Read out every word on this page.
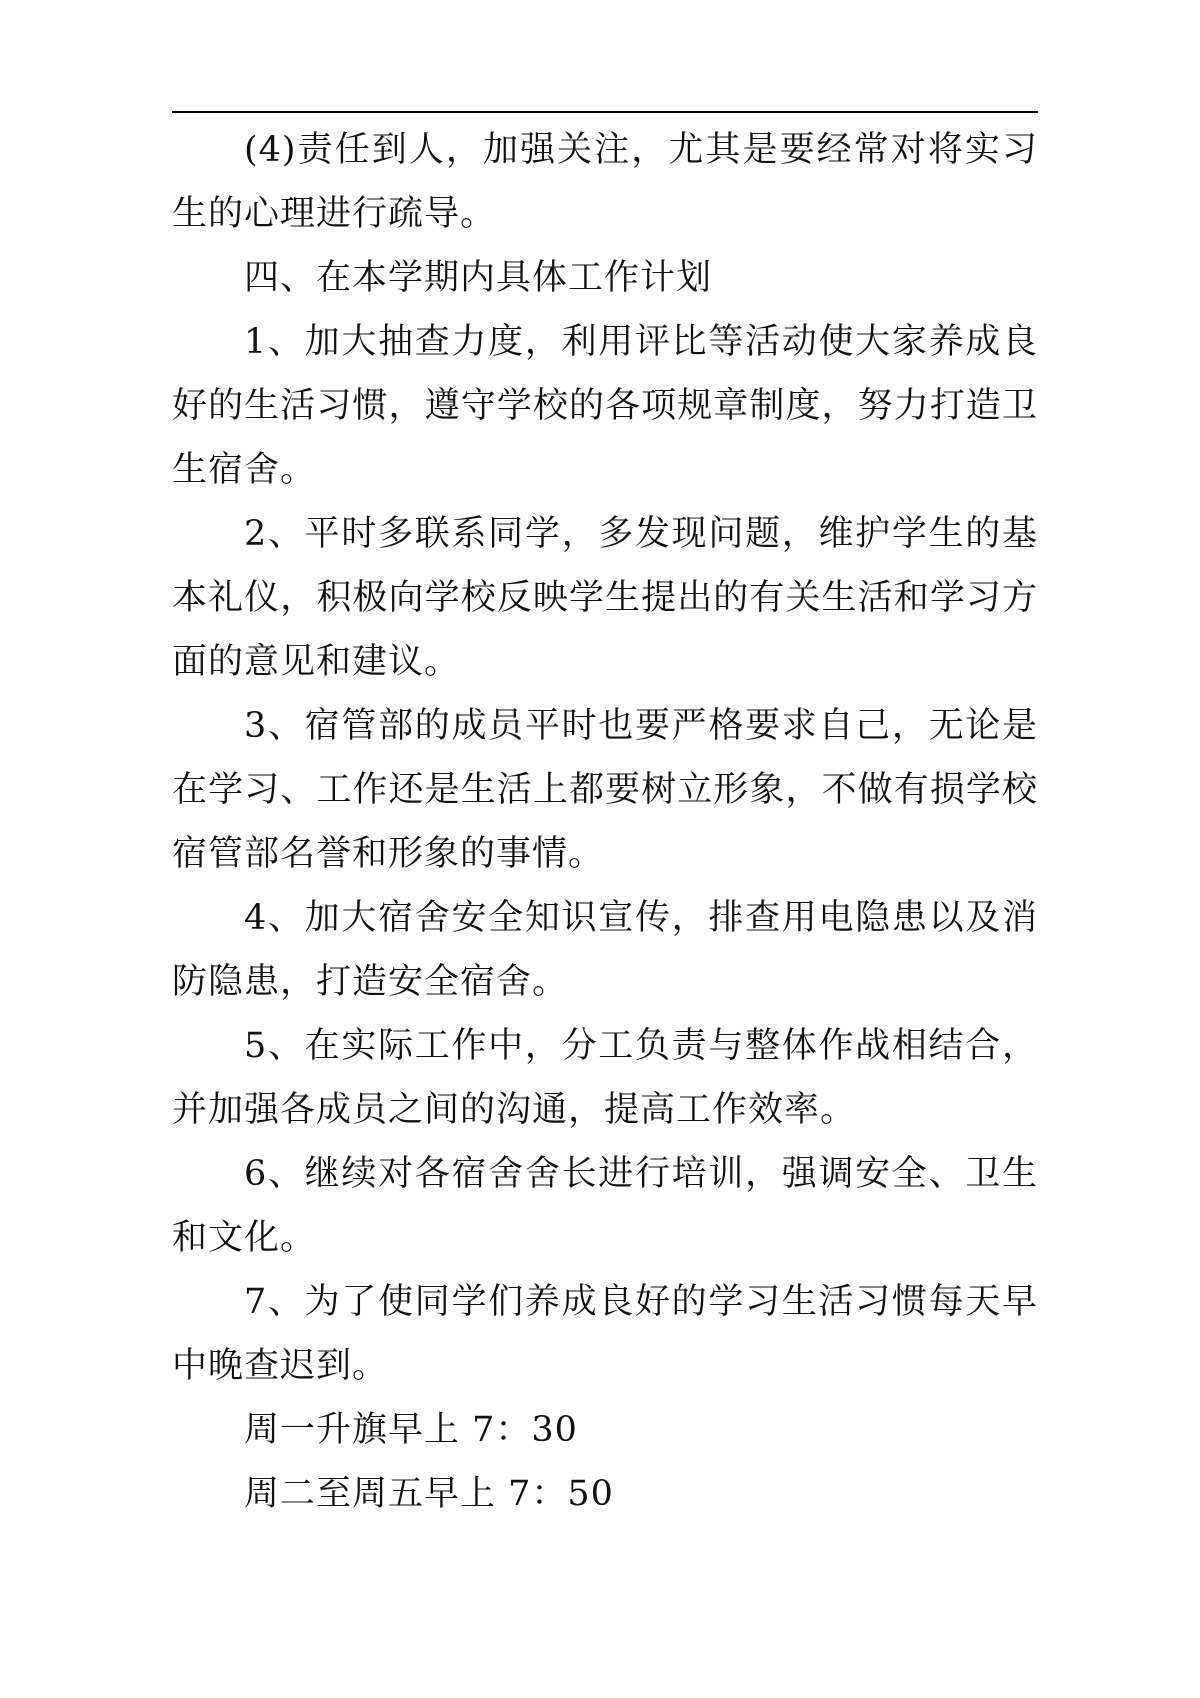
(4)责任到人，加强关注，尤其是要经常对将实习生的心理进行疏导。

四、在本学期内具体工作计划

1、加大抽查力度，利用评比等活动使大家养成良好的生活习惯，遵守学校的各项规章制度，努力打造卫生宿舍。

2、平时多联系同学，多发现问题，维护学生的基本礼仪，积极向学校反映学生提出的有关生活和学习方面的意见和建议。

3、宿管部的成员平时也要严格要求自己，无论是在学习、工作还是生活上都要树立形象，不做有损学校宿管部名誉和形象的事情。

4、加大宿舍安全知识宣传，排查用电隐患以及消防隐患，打造安全宿舍。

5、在实际工作中，分工负责与整体作战相结合，并加强各成员之间的沟通，提高工作效率。

6、继续对各宿舍舍长进行培训，强调安全、卫生和文化。

7、为了使同学们养成良好的学习生活习惯每天早中晚查迟到。

周一升旗早上 7：30

周二至周五早上 7：50
